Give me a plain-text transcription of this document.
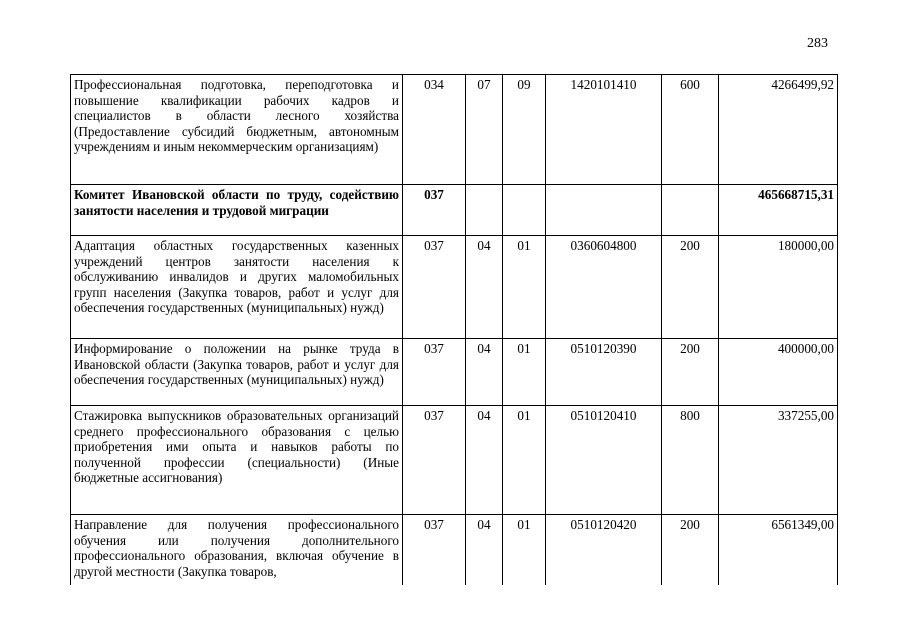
283
Профессиональная подготовка, переподготовка и повышение квалификации рабочих кадров и специалистов в области лесного хозяйства (Предоставление субсидий бюджетным, автономным учреждениям и иным некоммерческим организациям)	034	07	09	1420101410	600	4266499,92
Комитет Ивановской области по труду, содействию занятости населения и трудовой миграции	037					465668715,31
Адаптация областных государственных казенных учреждений центров занятости населения к обслуживанию инвалидов и других маломобильных групп населения (Закупка товаров, работ и услуг для обеспечения государственных (муниципальных) нужд)	037	04	01	0360604800	200	180000,00
Информирование о положении на рынке труда в Ивановской области (Закупка товаров, работ и услуг для обеспечения государственных (муниципальных) нужд)	037	04	01	0510120390	200	400000,00
Стажировка выпускников образовательных организаций среднего профессионального образования с целью приобретения ими опыта и навыков работы по полученной профессии (специальности) (Иные бюджетные ассигнования)	037	04	01	0510120410	800	337255,00
Направление для получения профессионального обучения или получения дополнительного профессионального образования, включая обучение в другой местности (Закупка товаров,	037	04	01	0510120420	200	6561349,00
